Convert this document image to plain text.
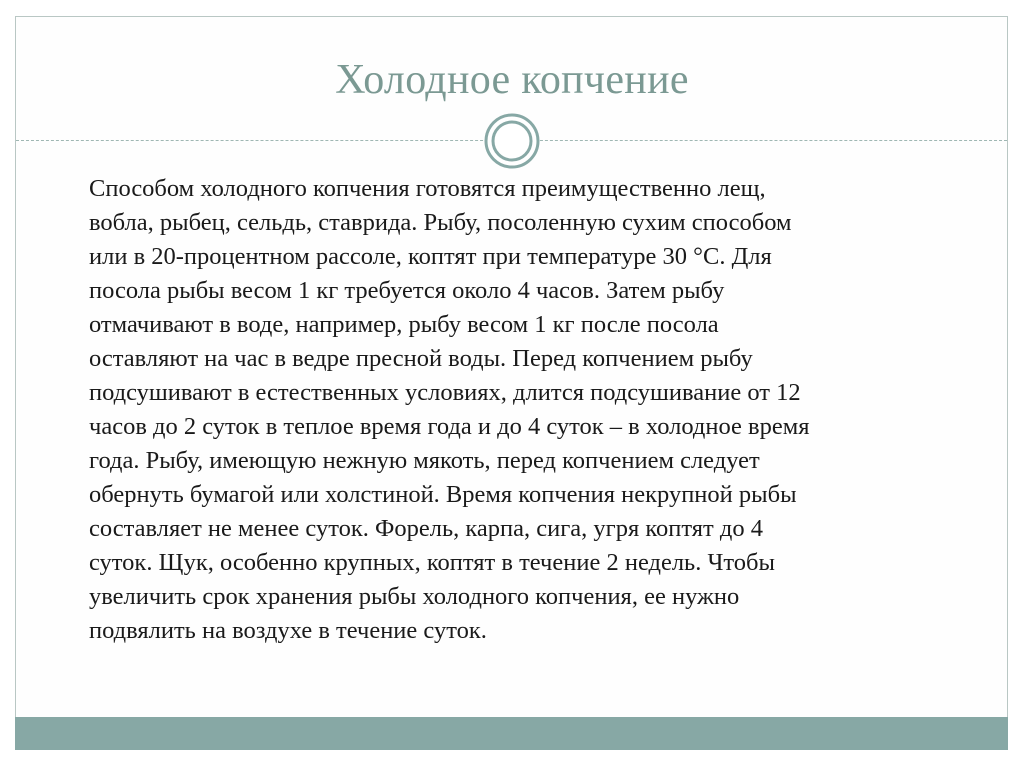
Холодное копчение

Способом холодного копчения готовятся преимущественно лещ,
вобла, рыбец, сельдь, ставрида. Рыбу, посоленную сухим способом
или в 20-процентном рассоле, коптят при температуре 30 °С. Для
посола рыбы весом 1 кг требуется около 4 часов. Затем рыбу
отмачивают в воде, например, рыбу весом 1 кг после посола
оставляют на час в ведре пресной воды. Перед копчением рыбу
подсушивают в естественных условиях, длится подсушивание от 12
часов до 2 суток в теплое время года и до 4 суток – в холодное время
года. Рыбу, имеющую нежную мякоть, перед копчением следует
обернуть бумагой или холстиной. Время копчения некрупной рыбы
составляет не менее суток. Форель, карпа, сига, угря коптят до 4
суток. Щук, особенно крупных, коптят в течение 2 недель. Чтобы
увеличить срок хранения рыбы холодного копчения, ее нужно
подвялить на воздухе в течение суток.
